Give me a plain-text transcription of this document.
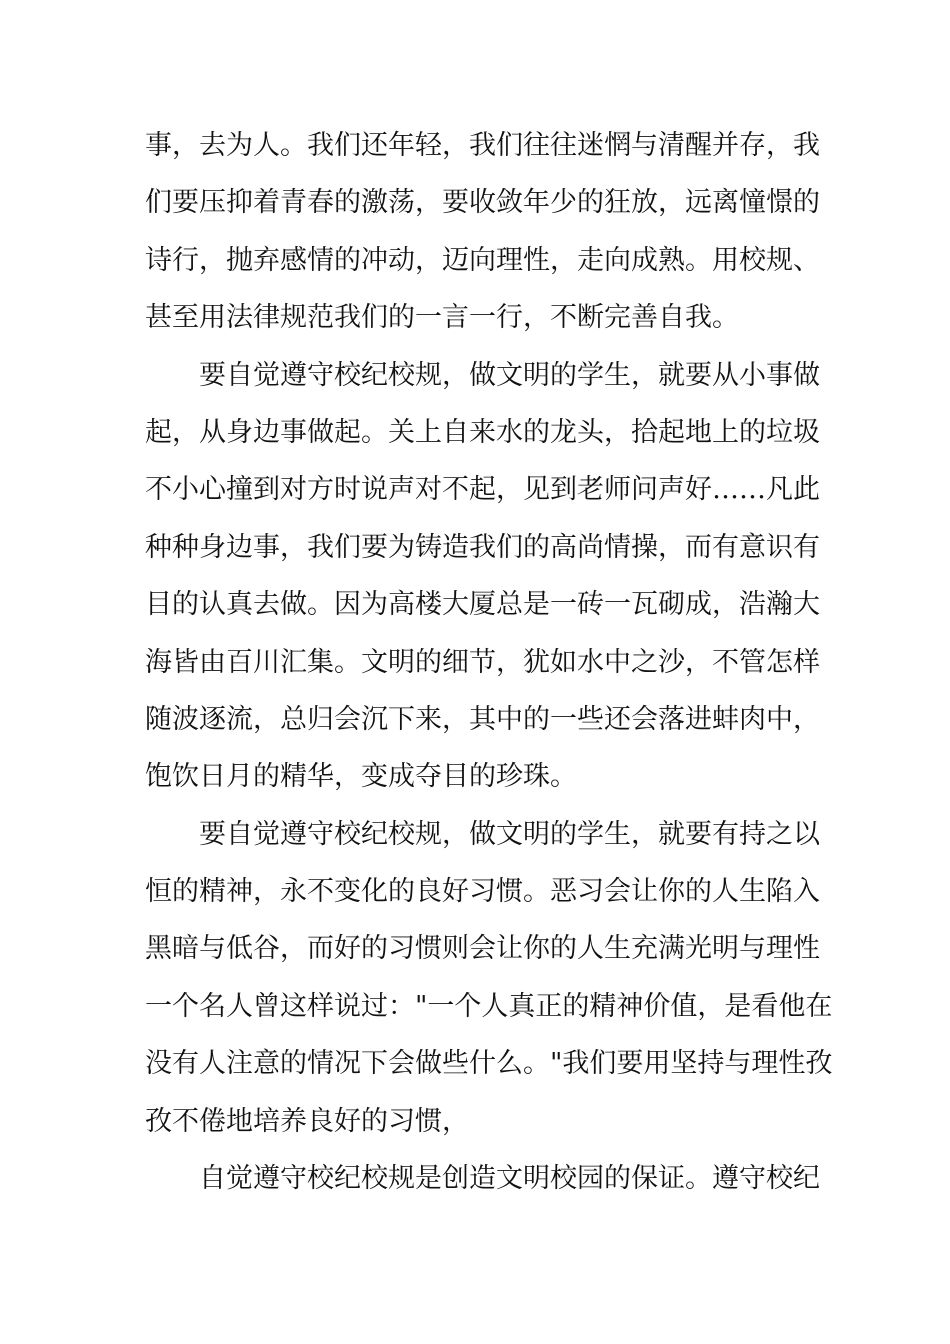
事，去为人。我们还年轻，我们往往迷惘与清醒并存，我
们要压抑着青春的激荡，要收敛年少的狂放，远离憧憬的
诗行，抛弃感情的冲动，迈向理性，走向成熟。用校规、
甚至用法律规范我们的一言一行，不断完善自我。
要自觉遵守校纪校规，做文明的学生，就要从小事做
起，从身边事做起。关上自来水的龙头，拾起地上的垃圾
不小心撞到对方时说声对不起，见到老师问声好……凡此
种种身边事，我们要为铸造我们的高尚情操，而有意识有
目的认真去做。因为高楼大厦总是一砖一瓦砌成，浩瀚大
海皆由百川汇集。文明的细节，犹如水中之沙，不管怎样
随波逐流，总归会沉下来，其中的一些还会落进蚌肉中，
饱饮日月的精华，变成夺目的珍珠。
要自觉遵守校纪校规，做文明的学生，就要有持之以
恒的精神，永不变化的良好习惯。恶习会让你的人生陷入
黑暗与低谷，而好的习惯则会让你的人生充满光明与理性
一个名人曾这样说过："一个人真正的精神价值，是看他在
没有人注意的情况下会做些什么。"我们要用坚持与理性孜
孜不倦地培养良好的习惯，
自觉遵守校纪校规是创造文明校园的保证。遵守校纪
